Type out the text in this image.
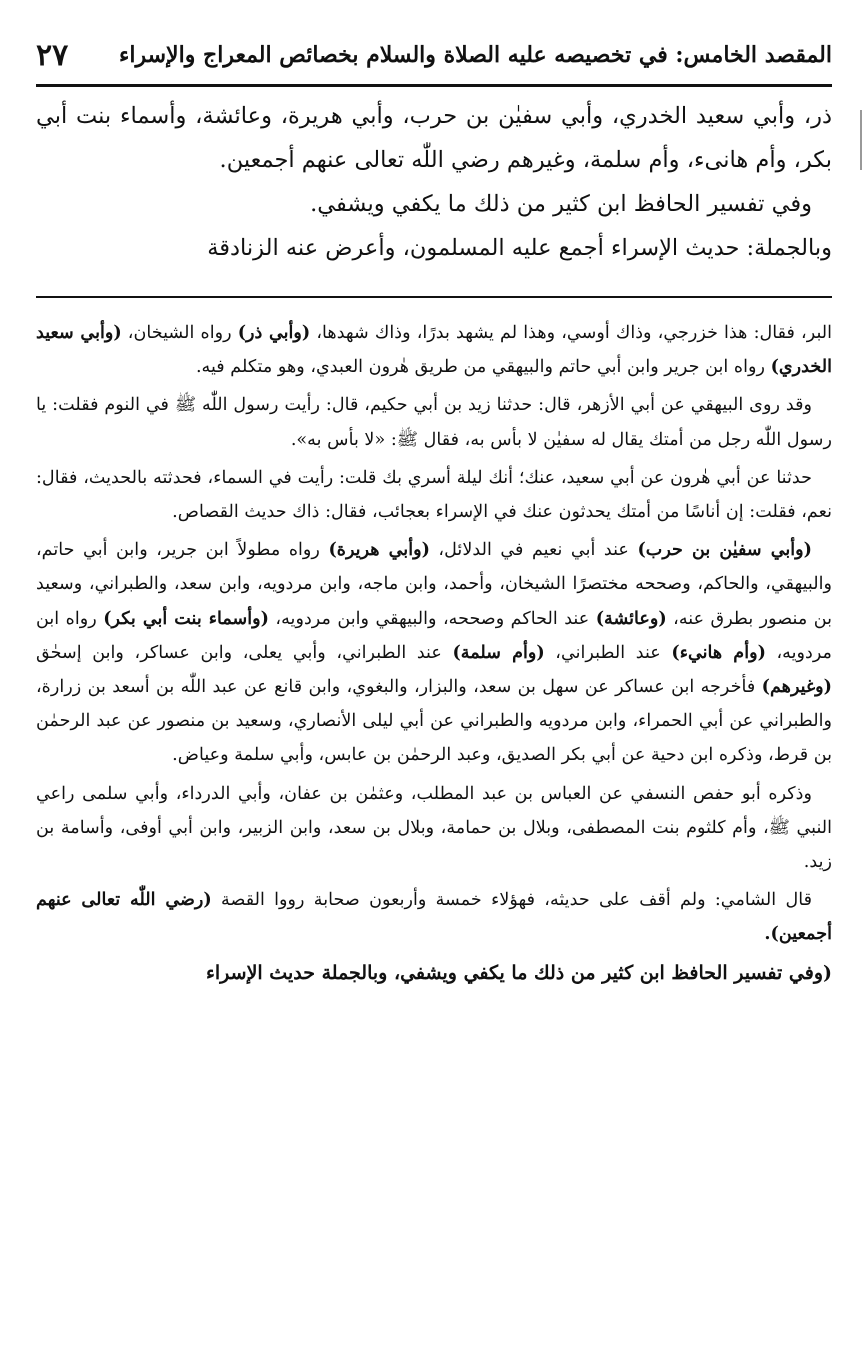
المقصد الخامس: في تخصيصه عليه الصلاة والسلام بخصائص المعراج والإسراء
٢٧

ذر، وأبي سعيد الخدري، وأبي سفيٰن بن حرب، وأبي هريرة، وعائشة، وأسماء بنت أبي بكر، وأم هانىء، وأم سلمة، وغيرهم رضي اللّٰه تعالى عنهم أجمعين.

وفي تفسير الحافظ ابن كثير من ذلك ما يكفي ويشفي.

وبالجملة: حديث الإسراء أجمع عليه المسلمون، وأعرض عنه الزنادقة

البر، فقال: هذا خزرجي، وذاك أوسي، وهذا لم يشهد بدرًا، وذاك شهدها، (وأبي ذر) رواه الشيخان، (وأبي سعيد الخدري) رواه ابن جرير وابن أبي حاتم والبيهقي من طريق هٰرون العبدي، وهو متكلم فيه.

وقد روى البيهقي عن أبي الأزهر، قال: حدثنا زيد بن أبي حكيم، قال: رأيت رسول اللّٰه ﷺ في النوم فقلت: يا رسول اللّٰه رجل من أمتك يقال له سفيٰن لا بأس به، فقال ﷺ: «لا بأس به».

حدثنا عن أبي هٰرون عن أبي سعيد، عنك؛ أنك ليلة أسري بك قلت: رأيت في السماء، فحدثته بالحديث، فقال: نعم، فقلت: إن أناسًا من أمتك يحدثون عنك في الإسراء بعجائب، فقال: ذاك حديث القصاص.

(وأبي سفيٰن بن حرب) عند أبي نعيم في الدلائل، (وأبي هريرة) رواه مطولاً ابن جرير، وابن أبي حاتم، والبيهقي، والحاكم، وصححه مختصرًا الشيخان، وأحمد، وابن ماجه، وابن مردويه، وابن سعد، والطبراني، وسعيد بن منصور بطرق عنه، (وعائشة) عند الحاكم وصححه، والبيهقي وابن مردويه، (وأسماء بنت أبي بكر) رواه ابن مردويه، (وأم هانيء) عند الطبراني، (وأم سلمة) عند الطبراني، وأبي يعلى، وابن عساكر، وابن إسحٰق (وغيرهم) فأخرجه ابن عساكر عن سهل بن سعد، والبزار، والبغوي، وابن قانع عن عبد اللّٰه بن أسعد بن زرارة، والطبراني عن أبي الحمراء، وابن مردويه والطبراني عن أبي ليلى الأنصاري، وسعيد بن منصور عن عبد الرحمٰن بن قرط، وذكره ابن دحية عن أبي بكر الصديق، وعبد الرحمٰن بن عابس، وأبي سلمة وعياض.

وذكره أبو حفص النسفي عن العباس بن عبد المطلب، وعثمٰن بن عفان، وأبي الدرداء، وأبي سلمى راعي النبي ﷺ، وأم كلثوم بنت المصطفى، وبلال بن حمامة، وبلال بن سعد، وابن الزبير، وابن أبي أوفى، وأسامة بن زيد.

قال الشامي: ولم أقف على حديثه، فهؤلاء خمسة وأربعون صحابة رووا القصة (رضي اللّٰه تعالى عنهم أجمعين).

(وفي تفسير الحافظ ابن كثير من ذلك ما يكفي ويشفي، وبالجملة حديث الإسراء
